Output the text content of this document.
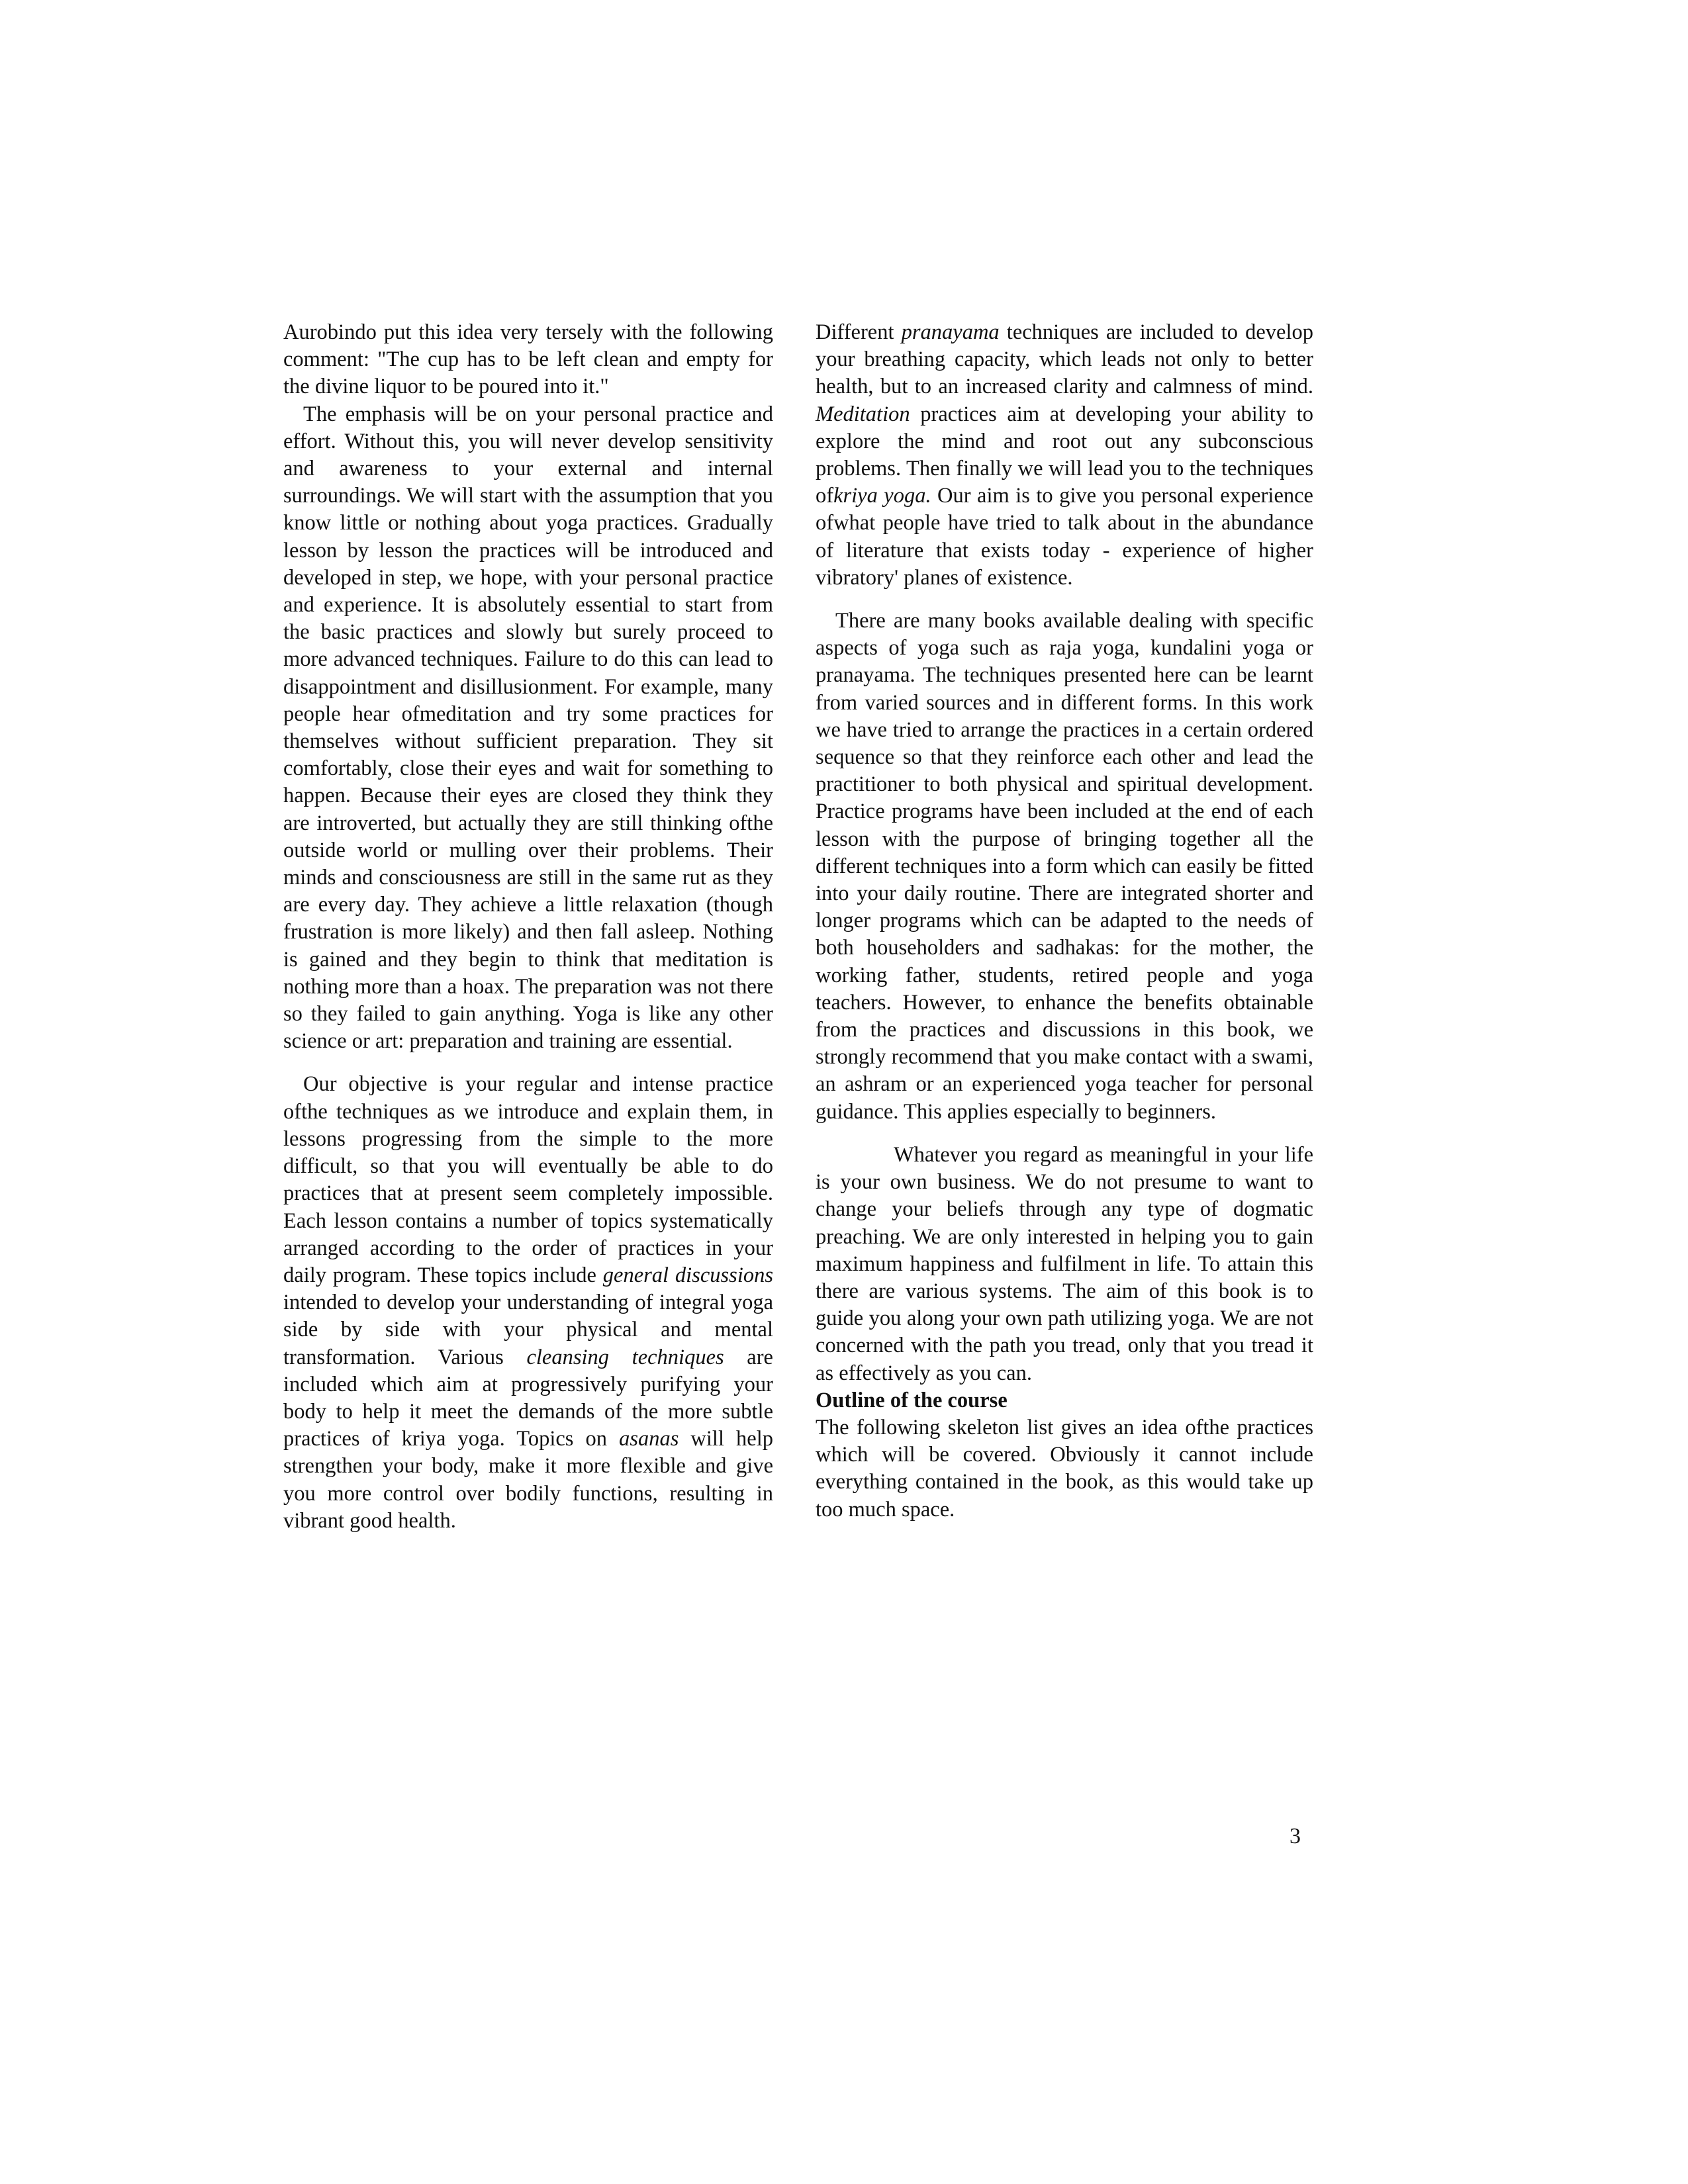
Aurobindo put this idea very tersely with the following comment: "The cup has to be left clean and empty for the divine liquor to be poured into it."

The emphasis will be on your personal practice and effort. Without this, you will never develop sensitivity and awareness to your external and internal surroundings. We will start with the assumption that you know little or nothing about yoga practices. Gradually lesson by lesson the practices will be introduced and developed in step, we hope, with your personal practice and experience. It is absolutely essential to start from the basic practices and slowly but surely proceed to more advanced techniques. Failure to do this can lead to disappointment and disillusionment. For example, many people hear ofmeditation and try some practices for themselves without sufficient preparation. They sit comfortably, close their eyes and wait for something to happen. Because their eyes are closed they think they are introverted, but actually they are still thinking ofthe outside world or mulling over their problems. Their minds and consciousness are still in the same rut as they are every day. They achieve a little relaxation (though frustration is more likely) and then fall asleep. Nothing is gained and they begin to think that meditation is nothing more than a hoax. The preparation was not there so they failed to gain anything. Yoga is like any other science or art: preparation and training are essential.

Our objective is your regular and intense practice ofthe techniques as we introduce and explain them, in lessons progressing from the simple to the more difficult, so that you will eventually be able to do practices that at present seem completely impossible. Each lesson contains a number of topics systematically arranged according to the order of practices in your daily program. These topics include general discussions intended to develop your understanding of integral yoga side by side with your physical and mental transformation. Various cleansing techniques are included which aim at progressively purifying your body to help it meet the demands of the more subtle practices of kriya yoga. Topics on asanas will help strengthen your body, make it more flexible and give you more control over bodily functions, resulting in vibrant good health.

Different pranayama techniques are included to develop your breathing capacity, which leads not only to better health, but to an increased clarity and calmness of mind. Meditation practices aim at developing your ability to explore the mind and root out any subconscious problems. Then finally we will lead you to the techniques ofkriya yoga. Our aim is to give you personal experience ofwhat people have tried to talk about in the abundance of literature that exists today - experience of higher vibratory' planes of existence.

There are many books available dealing with specific aspects of yoga such as raja yoga, kundalini yoga or pranayama. The techniques presented here can be learnt from varied sources and in different forms. In this work we have tried to arrange the practices in a certain ordered sequence so that they reinforce each other and lead the practitioner to both physical and spiritual development. Practice programs have been included at the end of each lesson with the purpose of bringing together all the different techniques into a form which can easily be fitted into your daily routine. There are integrated shorter and longer programs which can be adapted to the needs of both householders and sadhakas: for the mother, the working father, students, retired people and yoga teachers. However, to enhance the benefits obtainable from the practices and discussions in this book, we strongly recommend that you make contact with a swami, an ashram or an experienced yoga teacher for personal guidance. This applies especially to beginners.

Whatever you regard as meaningful in your life is your own business. We do not presume to want to change your beliefs through any type of dogmatic preaching. We are only interested in helping you to gain maximum happiness and fulfilment in life. To attain this there are various systems. The aim of this book is to guide you along your own path utilizing yoga. We are not concerned with the path you tread, only that you tread it as effectively as you can.

Outline of the course

The following skeleton list gives an idea ofthe practices which will be covered. Obviously it cannot include everything contained in the book, as this would take up too much space.

3
